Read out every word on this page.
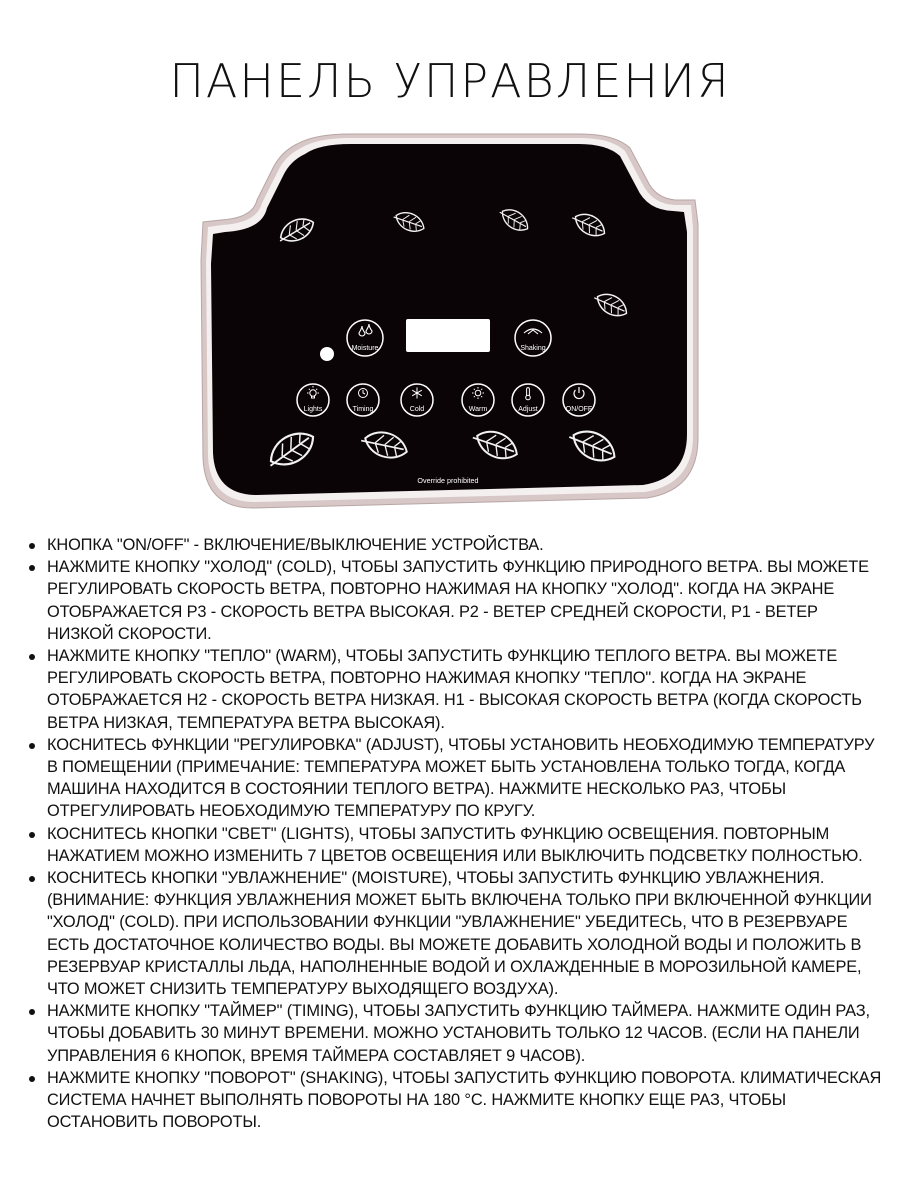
ПАНЕЛЬ УПРАВЛЕНИЯ
Moisture	Shaking
Lights	Timing	Cold	Warm	Adjust	ON/OFF
Override prohibited
КНОПКА "ON/OFF" - ВКЛЮЧЕНИЕ/ВЫКЛЮЧЕНИЕ УСТРОЙСТВА.
НАЖМИТЕ КНОПКУ "ХОЛОД" (COLD), ЧТОБЫ ЗАПУСТИТЬ ФУНКЦИЮ ПРИРОДНОГО ВЕТРА. ВЫ МОЖЕТЕ РЕГУЛИРОВАТЬ СКОРОСТЬ ВЕТРА, ПОВТОРНО НАЖИМАЯ НА КНОПКУ "ХОЛОД". КОГДА НА ЭКРАНЕ ОТОБРАЖАЕТСЯ P3 - СКОРОСТЬ ВЕТРА ВЫСОКАЯ. P2 - ВЕТЕР СРЕДНЕЙ СКОРОСТИ, P1 - ВЕТЕР НИЗКОЙ СКОРОСТИ.
НАЖМИТЕ КНОПКУ "ТЕПЛО" (WARM), ЧТОБЫ ЗАПУСТИТЬ ФУНКЦИЮ ТЕПЛОГО ВЕТРА. ВЫ МОЖЕТЕ РЕГУЛИРОВАТЬ СКОРОСТЬ ВЕТРА, ПОВТОРНО НАЖИМАЯ КНОПКУ "ТЕПЛО". КОГДА НА ЭКРАНЕ ОТОБРАЖАЕТСЯ H2 - СКОРОСТЬ ВЕТРА НИЗКАЯ. H1 - ВЫСОКАЯ СКОРОСТЬ ВЕТРА (КОГДА СКОРОСТЬ ВЕТРА НИЗКАЯ, ТЕМПЕРАТУРА ВЕТРА ВЫСОКАЯ).
КОСНИТЕСЬ ФУНКЦИИ "РЕГУЛИРОВКА" (ADJUST), ЧТОБЫ УСТАНОВИТЬ НЕОБХОДИМУЮ ТЕМПЕРАТУРУ В ПОМЕЩЕНИИ (ПРИМЕЧАНИЕ: ТЕМПЕРАТУРА МОЖЕТ БЫТЬ УСТАНОВЛЕНА ТОЛЬКО ТОГДА, КОГДА МАШИНА НАХОДИТСЯ В СОСТОЯНИИ ТЕПЛОГО ВЕТРА). НАЖМИТЕ НЕСКОЛЬКО РАЗ, ЧТОБЫ ОТРЕГУЛИРОВАТЬ НЕОБХОДИМУЮ ТЕМПЕРАТУРУ ПО КРУГУ.
КОСНИТЕСЬ КНОПКИ "СВЕТ" (LIGHTS), ЧТОБЫ ЗАПУСТИТЬ ФУНКЦИЮ ОСВЕЩЕНИЯ. ПОВТОРНЫМ НАЖАТИЕМ МОЖНО ИЗМЕНИТЬ 7 ЦВЕТОВ ОСВЕЩЕНИЯ ИЛИ ВЫКЛЮЧИТЬ ПОДСВЕТКУ ПОЛНОСТЬЮ.
КОСНИТЕСЬ КНОПКИ "УВЛАЖНЕНИЕ" (MOISTURE), ЧТОБЫ ЗАПУСТИТЬ ФУНКЦИЮ УВЛАЖНЕНИЯ. (ВНИМАНИЕ: ФУНКЦИЯ УВЛАЖНЕНИЯ МОЖЕТ БЫТЬ ВКЛЮЧЕНА ТОЛЬКО ПРИ ВКЛЮЧЕННОЙ ФУНКЦИИ "ХОЛОД" (COLD). ПРИ ИСПОЛЬЗОВАНИИ ФУНКЦИИ "УВЛАЖНЕНИЕ" УБЕДИТЕСЬ, ЧТО В РЕЗЕРВУАРЕ ЕСТЬ ДОСТАТОЧНОЕ КОЛИЧЕСТВО ВОДЫ. ВЫ МОЖЕТЕ ДОБАВИТЬ ХОЛОДНОЙ ВОДЫ И ПОЛОЖИТЬ В РЕЗЕРВУАР КРИСТАЛЛЫ ЛЬДА, НАПОЛНЕННЫЕ ВОДОЙ И ОХЛАЖДЕННЫЕ В МОРОЗИЛЬНОЙ КАМЕРЕ, ЧТО МОЖЕТ СНИЗИТЬ ТЕМПЕРАТУРУ ВЫХОДЯЩЕГО ВОЗДУХА).
НАЖМИТЕ КНОПКУ "ТАЙМЕР" (TIMING), ЧТОБЫ ЗАПУСТИТЬ ФУНКЦИЮ ТАЙМЕРА. НАЖМИТЕ ОДИН РАЗ, ЧТОБЫ ДОБАВИТЬ 30 МИНУТ ВРЕМЕНИ. МОЖНО УСТАНОВИТЬ ТОЛЬКО 12 ЧАСОВ. (ЕСЛИ НА ПАНЕЛИ УПРАВЛЕНИЯ 6 КНОПОК, ВРЕМЯ ТАЙМЕРА СОСТАВЛЯЕТ 9 ЧАСОВ).
НАЖМИТЕ КНОПКУ "ПОВОРОТ" (SHAKING), ЧТОБЫ ЗАПУСТИТЬ ФУНКЦИЮ ПОВОРОТА. КЛИМАТИЧЕСКАЯ СИСТЕМА НАЧНЕТ ВЫПОЛНЯТЬ ПОВОРОТЫ НА 180 °C. НАЖМИТЕ КНОПКУ ЕЩЕ РАЗ, ЧТОБЫ ОСТАНОВИТЬ ПОВОРОТЫ.
